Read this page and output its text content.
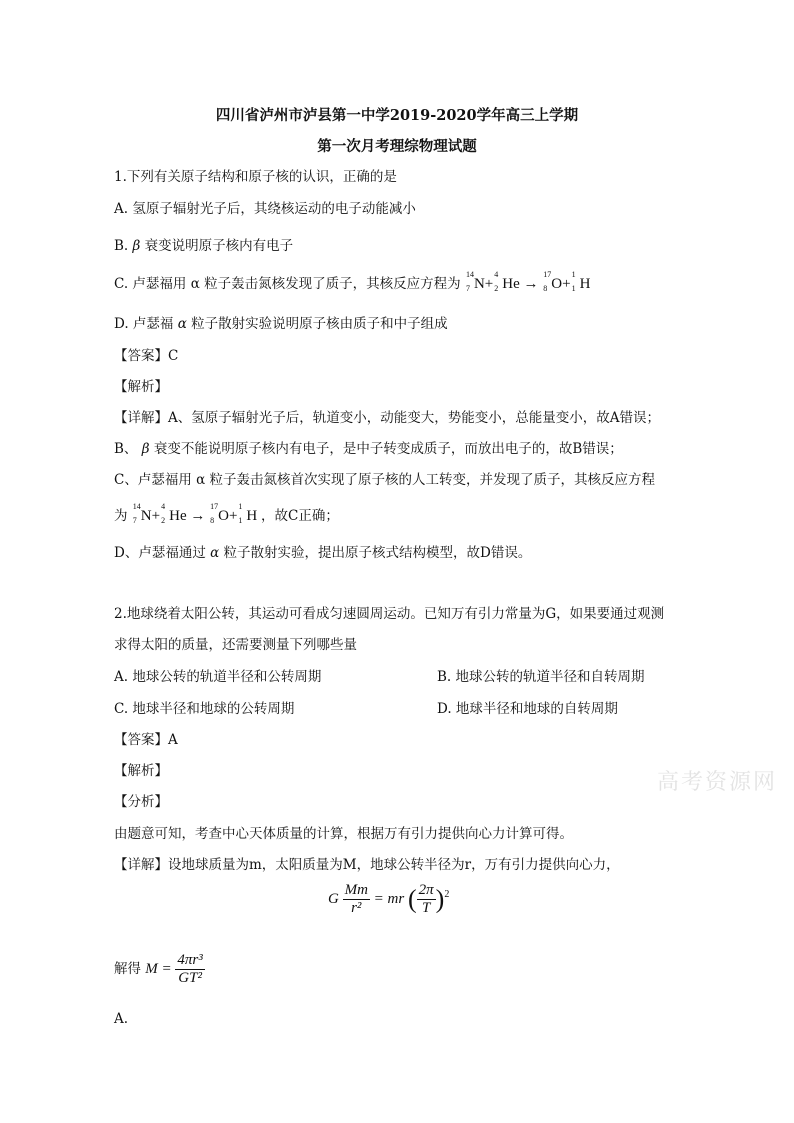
四川省泸州市泸县第一中学2019-2020学年高三上学期
第一次月考理综物理试题
1.下列有关原子结构和原子核的认识，正确的是
A. 氢原子辐射光子后，其绕核运动的电子动能减小
B. β 衰变说明原子核内有电子
C. 卢瑟福用 α 粒子轰击氮核发现了质子，其核反应方程为
14
7 N+
4
2 He →
17
8 O+
1
1 H
D. 卢瑟福 α 粒子散射实验说明原子核由质子和中子组成
【答案】C
【解析】
【详解】A、氢原子辐射光子后，轨道变小，动能变大，势能变小，总能量变小，故A错误；
B、 β 衰变不能说明原子核内有电子，是中子转变成质子，而放出电子的，故B错误；
C、卢瑟福用 α 粒子轰击氮核首次实现了原子核的人工转变，并发现了质子，其核反应方程
为
14
7 N+
4
2 He →
17
8 O+
1
1 H ，故C正确；
D、卢瑟福通过 α 粒子散射实验，提出原子核式结构模型，故D错误。
2.地球绕着太阳公转，其运动可看成匀速圆周运动。已知万有引力常量为G，如果要通过观测
求得太阳的质量，还需要测量下列哪些量
A. 地球公转的轨道半径和公转周期	B. 地球公转的轨道半径和自转周期
C. 地球半径和地球的公转周期	D. 地球半径和地球的自转周期
【答案】A
【解析】
【分析】
由题意可知，考查中心天体质量的计算，根据万有引力提供向心力计算可得。
【详解】设地球质量为m，太阳质量为M，地球公转半径为r，万有引力提供向心力，
G $\frac{Mm}{\text{r²}}$ = mr ( $\frac{2\pi}{T} )^2$
解得 $M = \frac{\text{4πr³}}{\text{GT²}}$
A.
高考资源网
